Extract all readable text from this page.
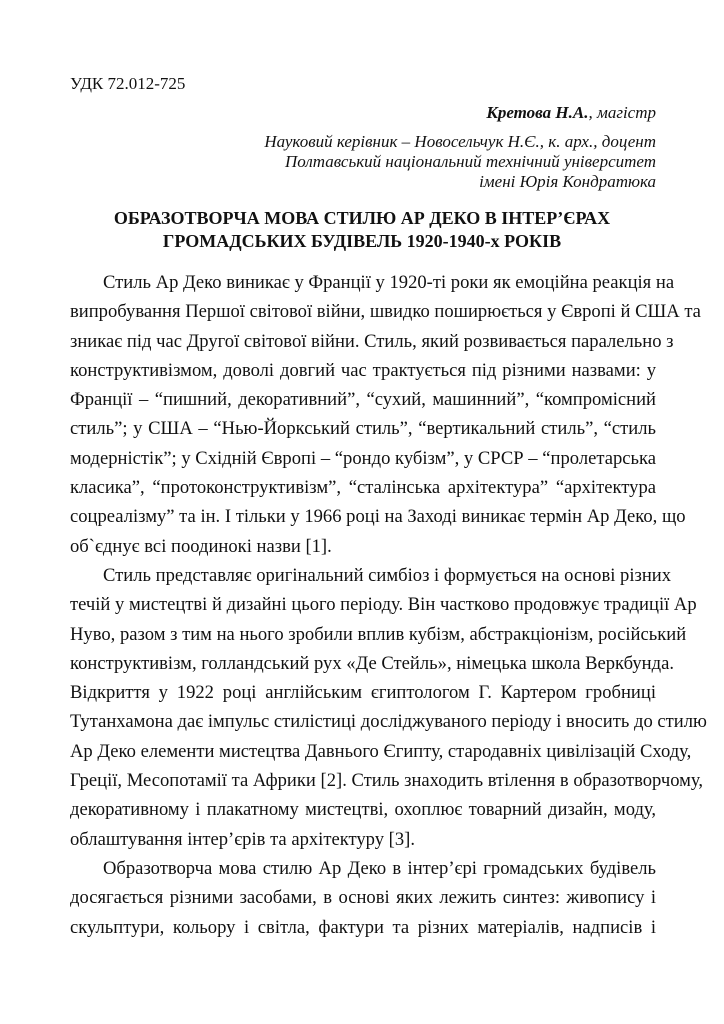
УДК 72.012-725
Кретова Н.А., магістр
Науковий керівник – Новосельчук Н.Є., к. арх., доцент
Полтавський національний технічний університет
імені Юрія Кондратюка
ОБРАЗОТВОРЧА МОВА СТИЛЮ АР ДЕКО В ІНТЕР’ЄРАХ
ГРОМАДСЬКИХ БУДІВЕЛЬ 1920-1940-х РОКІВ
Стиль Ар Деко виникає у Франції у 1920-ті роки як емоційна реакція на
випробування Першої світової війни, швидко поширюється у Європі й США та
зникає під час Другої світової війни. Стиль, який розвивається паралельно з
конструктивізмом, доволі довгий час трактується під різними назвами: у
Франції – “пишний, декоративний”, “сухий, машинний”, “компромісний
стиль”; у США – “Нью-Йоркський стиль”, “вертикальний стиль”, “стиль
модерністік”; у Східній Європі – “рондо кубізм”, у СРСР – “пролетарська
класика”, “протоконструктивізм”, “сталінська архітектура” “архітектура
соцреалізму” та ін. І тільки у 1966 році на Заході виникає термін Ар Деко, що
об`єднує всі поодинокі назви [1].
Стиль представляє оригінальний симбіоз і формується на основі різних
течій у мистецтві й дизайні цього періоду. Він частково продовжує традиції Ар
Нуво, разом з тим на нього зробили вплив кубізм, абстракціонізм, російський
конструктивізм, голландський рух «Де Стейль», німецька школа Веркбунда.
Відкриття у 1922 році англійським єгиптологом Г. Картером гробниці
Тутанхамона дає імпульс стилістиці досліджуваного періоду і вносить до стилю
Ар Деко елементи мистецтва Давнього Єгипту, стародавніх цивілізацій Сходу,
Греції, Месопотамії та Африки [2]. Стиль знаходить втілення в образотворчому,
декоративному і плакатному мистецтві, охоплює товарний дизайн, моду,
облаштування інтер’єрів та архітектуру [3].
Образотворча мова стилю Ар Деко в інтер’єрі громадських будівель
досягається різними засобами, в основі яких лежить синтез: живопису і
скульптури, кольору і світла, фактури та різних матеріалів, надписів і
